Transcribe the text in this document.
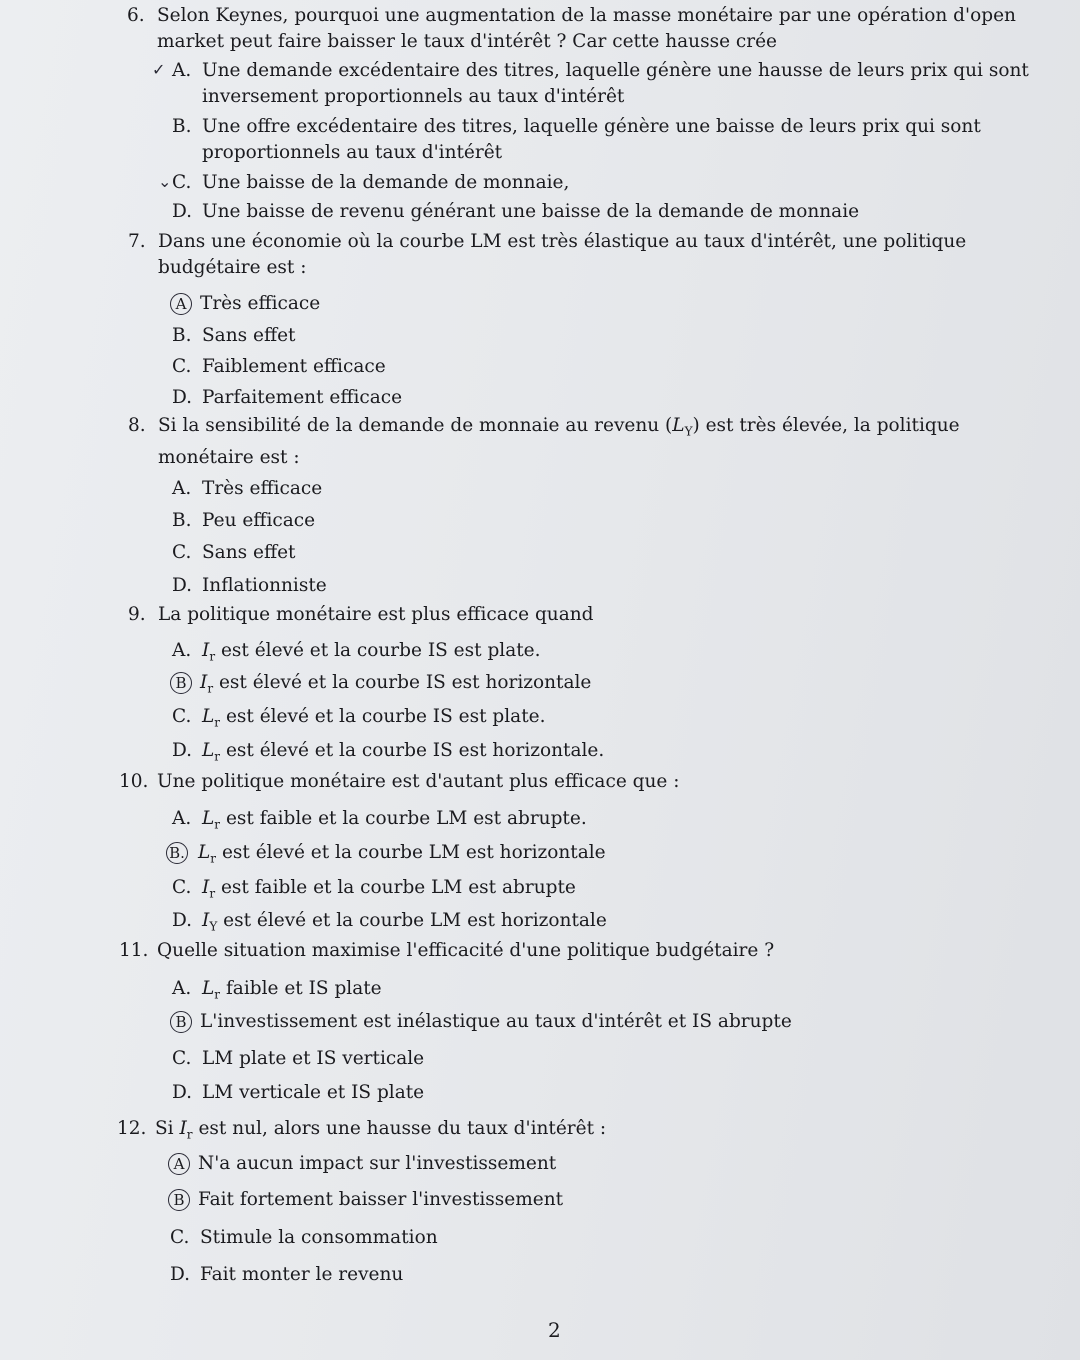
6. Selon Keynes, pourquoi une augmentation de la masse monétaire par une opération d'open
market peut faire baisser le taux d'intérêt ? Car cette hausse crée
✓ A. Une demande excédentaire des titres, laquelle génère une hausse de leurs prix qui sont
inversement proportionnels au taux d'intérêt
B. Une offre excédentaire des titres, laquelle génère une baisse de leurs prix qui sont
proportionnels au taux d'intérêt
⌄ C. Une baisse de la demande de monnaie,
D. Une baisse de revenu générant une baisse de la demande de monnaie
7. Dans une économie où la courbe LM est très élastique au taux d'intérêt, une politique
budgétaire est :
A Très efficace
B. Sans effet
C. Faiblement efficace
D. Parfaitement efficace
8. Si la sensibilité de la demande de monnaie au revenu $(L_Y)$ est très élevée, la politique
monétaire est :
A. Très efficace
B. Peu efficace
C. Sans effet
D. Inflationniste
9. La politique monétaire est plus efficace quand
A. $I_r$ est élevé et la courbe IS est plate.
B $I_r$ est élevé et la courbe IS est horizontale
C. $L_r$ est élevé et la courbe IS est plate.
D. $L_r$ est élevé et la courbe IS est horizontale.
10. Une politique monétaire est d'autant plus efficace que :
A. $L_r$ est faible et la courbe LM est abrupte.
B. $L_r$ est élevé et la courbe LM est horizontale
C. $I_r$ est faible et la courbe LM est abrupte
D. $I_Y$ est élevé et la courbe LM est horizontale
11. Quelle situation maximise l'efficacité d'une politique budgétaire ?
A. $L_r$ faible et IS plate
B L'investissement est inélastique au taux d'intérêt et IS abrupte
C. LM plate et IS verticale
D. LM verticale et IS plate
12. Si $I_r$ est nul, alors une hausse du taux d'intérêt :
A N'a aucun impact sur l'investissement
B Fait fortement baisser l'investissement
C. Stimule la consommation
D. Fait monter le revenu
2
